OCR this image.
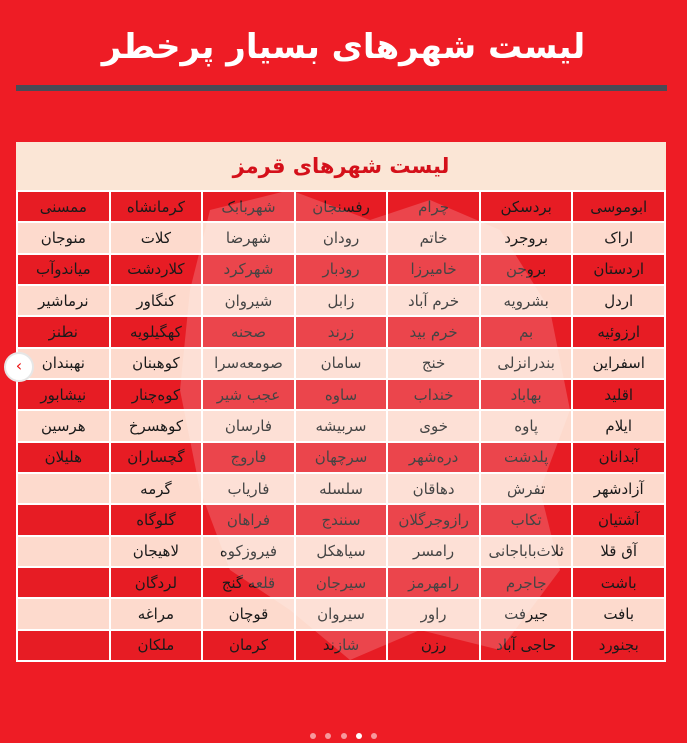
لیست شهرهای بسیار پرخطر
لیست شهرهای قرمز
ابوموسی	بردسکن	چرام	رفسنجان	شهربابک	کرمانشاه	ممسنی
اراک	بروجرد	خاتم	رودان	شهرضا	کلات	منوجان
اردستان	بروجن	خامیرزا	رودبار	شهرکرد	کلاردشت	میاندوآب
اردل	بشرویه	خرم آباد	زابل	شیروان	کنگاور	نرماشیر
ارزوئیه	بم	خرم بید	زرند	صحنه	کهگیلویه	نطنز
اسفراین	بندرانزلی	خنج	سامان	صومعه‌سرا	کوهبنان	نهبندان
اقلید	بهاباد	خنداب	ساوه	عجب شیر	کوه‌چنار	نیشابور
ایلام	پاوه	خوی	سربیشه	فارسان	کوهسرخ	هرسین
آبدانان	پلدشت	دره‌شهر	سرچهان	فاروج	گچساران	هلیلان
آزادشهر	تفرش	دهاقان	سلسله	فاریاب	گرمه	
آشتیان	تکاب	رازوجرگلان	سنندج	فراهان	گلوگاه	
آق قلا	ثلاث‌باباجانی	رامسر	سیاهکل	فیروزکوه	لاهیجان	
باشت	جاجرم	رامهرمز	سیرجان	قلعه گنج	لردگان	
بافت	جیرفت	راور	سیروان	قوچان	مراغه	
بجنورد	حاجی آباد	رزن	شازند	کرمان	ملکان	
‹
